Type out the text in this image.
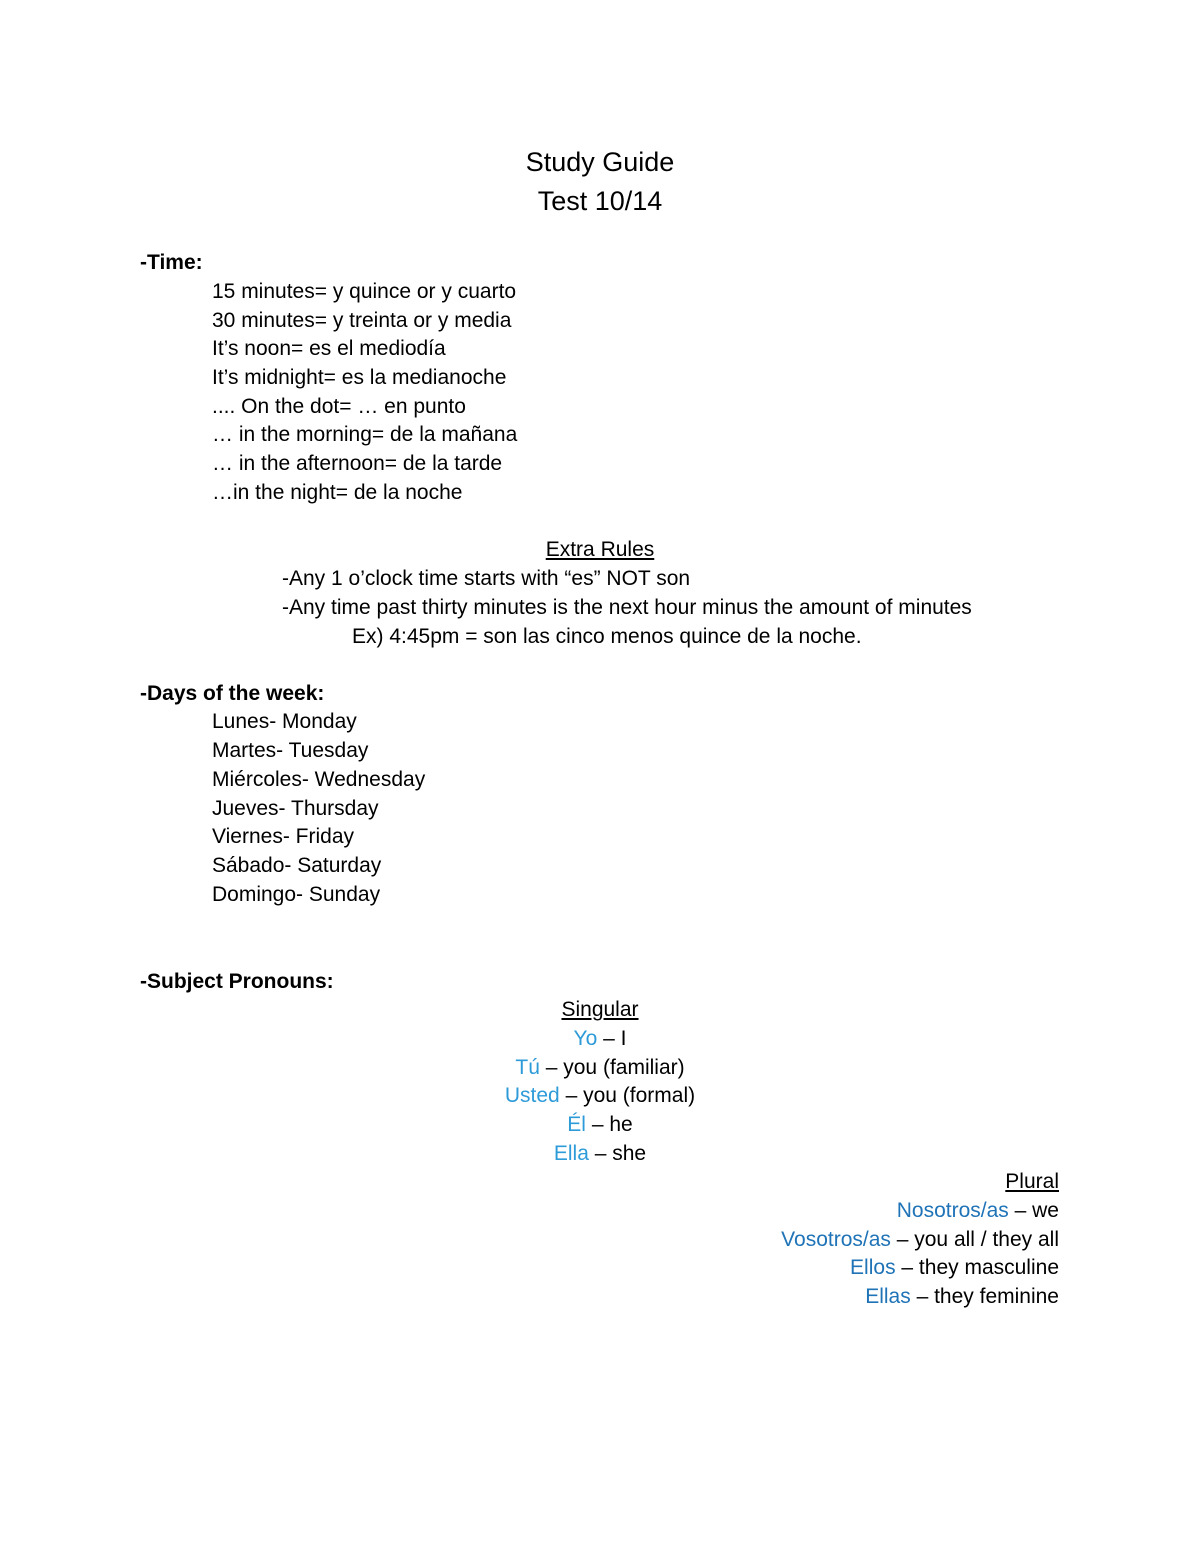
Study Guide
Test 10/14
-Time:
15 minutes= y quince or y cuarto
30 minutes= y treinta or y media
It’s noon= es el mediodía
It’s midnight= es la medianoche
.... On the dot= … en punto
… in the morning= de la mañana
… in the afternoon= de la tarde
…in the night= de la noche
Extra Rules
-Any 1 o’clock time starts with “es” NOT son
-Any time past thirty minutes is the next hour minus the amount of minutes
Ex) 4:45pm = son las cinco menos quince de la noche.
-Days of the week:
Lunes- Monday
Martes- Tuesday
Miércoles- Wednesday
Jueves- Thursday
Viernes- Friday
Sábado- Saturday
Domingo- Sunday
-Subject Pronouns:
Singular
Yo – I
Tú – you (familiar)
Usted – you (formal)
Él – he
Ella – she
Plural
Nosotros/as – we
Vosotros/as – you all / they all
Ellos – they masculine
Ellas – they feminine
